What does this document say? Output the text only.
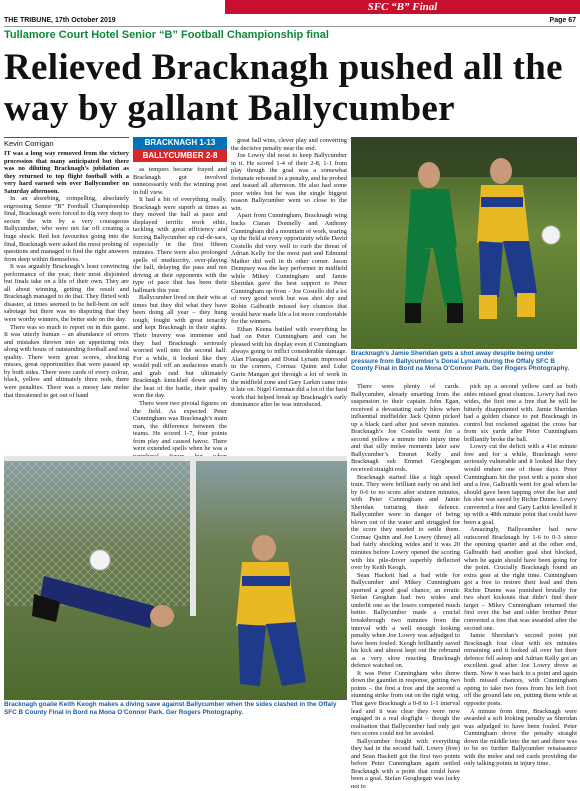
SFC “B” Final
THE TRIBUNE, 17th October 2019	Page 67
Tullamore Court Hotel Senior “B” Football Championship final
Relieved Bracknagh pushed all the way by gallant Ballycumber
Kevin Corrigan

IT was a long way removed from the victory procession that many anticipated but there was no diluting Bracknagh’s jubilation as they returned to top flight football with a very hard earned win over Ballycumber on Saturday afternoon.

In an absorbing, compelling, absolutely engrossing Senior “B” Football Championship final, Bracknagh were forced to dig very deep to secure the win by a very courageous Ballycumber, who were not far off creating a huge shock. Red hot favourites going into the final, Bracknagh were asked the most probing of questions and managed to find the right answers from deep within themselves.

It was arguably Bracknagh’s least convincing performance of the year, their most disjointed but finals take on a life of their own. They are all about winning, getting the result and Bracknagh managed to do that. They flirted with disaster, at times seemed to be hell-bent on self sabotage but there was no disputing that they were worthy winners, the better side on the day.

There was so much to report on in this game. It was utterly human – an abundance of errors and mistakes thrown into an appetizing mix along with bouts of outstanding football and real quality. There were great scores, shocking misses, great opportunities that were passed up by both sides. There were cards of every colour, black, yellow and ultimately three reds, there were penalties. There was a messy late melee that threatened to get out of hand

BRACKNAGH 1-13
BALLYCUMBER 2-8

as tempers became frayed and Bracknagh got involved unnecessarily with the winning post in full view.

It had a bit of everything really. Bracknagh were superb at times as they moved the ball at pace and displayed terrific work ethic, tackling with great efficiency and forcing Ballycumber up cul-de-sacs, especially in the first fifteen minutes. There were also prolonged spells of mediocrity, over-playing the ball, delaying the pass and not driving at their opponents with the type of pace that has been their hallmark this year.

Ballycumber lived on their wits at times but they did what they have been doing all year – they hung tough, fought with great tenacity and kept Bracknagh in their sights. Their bravery was immense and they had Bracknagh seriously worried well into the second half. For a while, it looked like they would pull off an audacious snatch and grab raid but ultimately Bracknagh knuckled down and in the heat of the battle, their quality won the day.

There were two pivotal figures on the field. As expected Peter Cunningham was Bracknagh’s main man, the difference between the teams. He scored 1-7, four points from play and caused havoc. There were extended spells when he was a

great ball wins, clever play and converting the decisive penalty near the end.

Joe Lowry did most to keep Ballycumber in it. He scored 1-4 of their 2-8, 1-1 from play though the goal was a somewhat fortunate rebound to a penalty, and he probed and teased all afternoon. He also had some poor wides but he was the single biggest reason Ballycumber went so close to the win.

Apart from Cunningham, Bracknagh wing backs Ciaran Donnelly and Anthony Cunningham did a mountain of work, tearing up the field at every opportunity while David Costello did very well to curb the threat of Adrian Kelly for the most part and Edmund Mather did well in th other corner. Jason Dempsey was the key performer in midfield while Mikey Cunningham and Jamie Sheridan gave the best support to Peter Cunningham up front – Joe Costello did a lot of very good work but was shot shy and Robin Galbraith missed key chances that would have made life a lot more comfortable for the winners.

Ethan Keena battled with everything he had on Peter Cunningham and can be pleased with his display even if Cunningham always going to inflict considerable damage. Alan Flanagan and Donal Lynam impressed in the corners, Cormac Quinn and Luke Garin Mangan got through a lot of work in the midfield zone and Gary Larkin came into it late on. Nigel Grennan did a lot of the hard work that helped break up Bracknagh’s early dominance after he was introduced.

Bracknagh’s Jamie Sheridan gets a shot away despite being under pressure from Ballycumber’s Donal Lynam during the Offaly SFC B County Final in Bord na Mona O’Connor Park. Ger Rogers Photography.

There were plenty of cards. Ballycumber, already smarting from the suspension to their captain John Egan, received a devastating early blow when influential midfielder Jack Quinn picked up a black card after just seven minutes. Bracknagh’s Joe Costello went for a second yellow a minute into injury time and that silly melee moments later saw Ballycumber’s Emmet Kelly and Bracknagh sub Emmet Geoghegan received straight reds.

Bracknagh started like a high speed train. They were brilliant early on and led by 0-6 to no score after sixteen minutes, with Peter Cunningham and Jamie Sheridan torturing their defence. Ballycumber were in danger of being blown out of the water and struggled for the score they needed to settle them. Cormac Quinn and Joe Lowry (three) all had fairly shocking wides and it was 20 minutes before Lowry opened the scoring with his pile-driver superbly deflected over by Keith Keogh.

Sean Hackett had a bad wide for Ballycumber and Mikey Cunningham spurned a good goal chance, an erratic Stefan Geoghan had two wides and underlit one as the losers competed much better. Ballycumber made a crucial breakthrough two minutes from the interval with a well enough looking penalty when Joe Lowry was adjudged to have been fouled. Keogh brilliantly saved his kick and almost kept out the rebound as a very slow reacting Bracknagh defence watched on.

It was Peter Cunningham who threw down the gauntlet in response, getting two points – the first a free and the second a stunning strike from out on the right wing. That gave Bracknagh a 0-8 to 1-1 interval lead and it was clear they were now engaged in a real dogfight – though the realisation that Ballycumber had only got two scores could not be avoided.

Ballycumber fought with everything they had in the second half. Lowry (free) and Sean Hackett got the first two points before Peter Cunningham again settled Bracknagh with a point that could have been a goal. Stefan Geoghegan was lucky not to

pick up a second yellow card as both sides missed great chances. Lowry had two wides, the first one a free that he will be bitterly disappointed with. Jamie Sheridan had a golden chance to put Bracknagh in control but rocketed against the cross bar from six yards after Peter Cunningham brilliantly broke the ball.

Lowry cut the deficit with a 41st minute free and for a while, Bracknagh were seriously vulnerable and it looked like they would endure one of those days. Peter Cunningham hit the post with a point shot and a free, Galbraith went for goal when he should gave been tapping over the bar and his shot was saved by Richie Dunne. Lowry converted a free and Gary Larkin levelled it up with a 48th minute point that could have been a goal.

Amazingly, Ballycumber had now outscored Bracknagh by 1-6 to 0-3 since the opening quarter and at the other end, Galbraith had another goal shot blocked, when he again should have been going for the point. Crucially Bracknagh found an extra gear at the right time. Cunningham got a free to restore their lead and then Richie Dunne was punished brutally for two short kickouts that didn’t find their target – Mikey Cunningham returned the first over the bar and older brother Peter converted a free that was awarded after the second one.

Jamie Sheridan’s second point put Bracknagh four clear with six minutes remaining and it looked all over but their defence fell asleep and Adrian Kelly got an excellent goal after Joe Lowry drove at them. Now it was back to a point and again both missed chances, with Cunningham opting to take two frees from his left foot off the ground late on, putting them wide at opposite posts.

A minute from time, Bracknagh were awarded a soft looking penalty as Sheridan was adjudged to have been fouled. Peter Cunningham drove the penalty straight down the middle into the net and there was to be no further Ballycumber renaissance with the melee and red cards providing the only talking points in injury time.

Bracknagh goalie Keith Keogh makes a diving save against Ballycumber when the sides clashed in the Offaly SFC B County Final in Bord na Mona O’Connor Park. Ger Rogers Photography.
